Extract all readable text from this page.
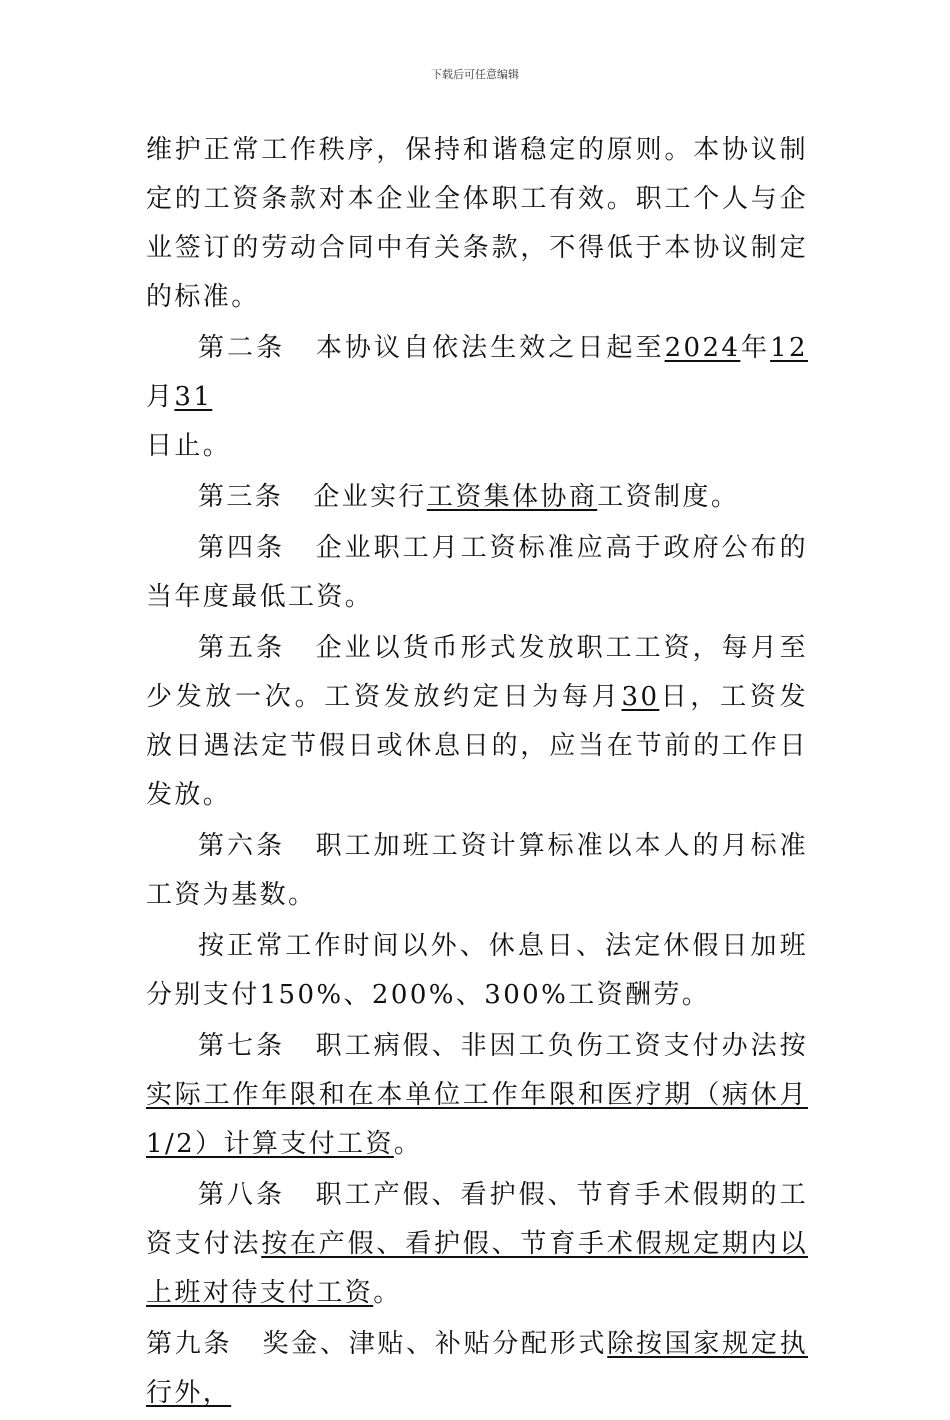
下载后可任意编辑

维护正常工作秩序，保持和谐稳定的原则。本协议制定的工资条款对本企业全体职工有效。职工个人与企业签订的劳动合同中有关条款，不得低于本协议制定的标准。

第二条 本协议自依法生效之日起至2024年12月31
日止。

第三条 企业实行工资集体协商工资制度。

第四条 企业职工月工资标准应高于政府公布的当年度最低工资。

第五条 企业以货币形式发放职工工资，每月至少发放一次。工资发放约定日为每月30日，工资发放日遇法定节假日或休息日的，应当在节前的工作日发放。

第六条 职工加班工资计算标准以本人的月标准工资为基数。

按正常工作时间以外、休息日、法定休假日加班分别支付150%、200%、300%工资酬劳。

第七条 职工病假、非因工负伤工资支付办法按实际工作年限和在本单位工作年限和医疗期（病休月1/2）计算支付工资。

第八条 职工产假、看护假、节育手术假期的工资支付法按在产假、看护假、节育手术假规定期内以上班对待支付工资。

第九条 奖金、津贴、补贴分配形式除按国家规定执行外，
